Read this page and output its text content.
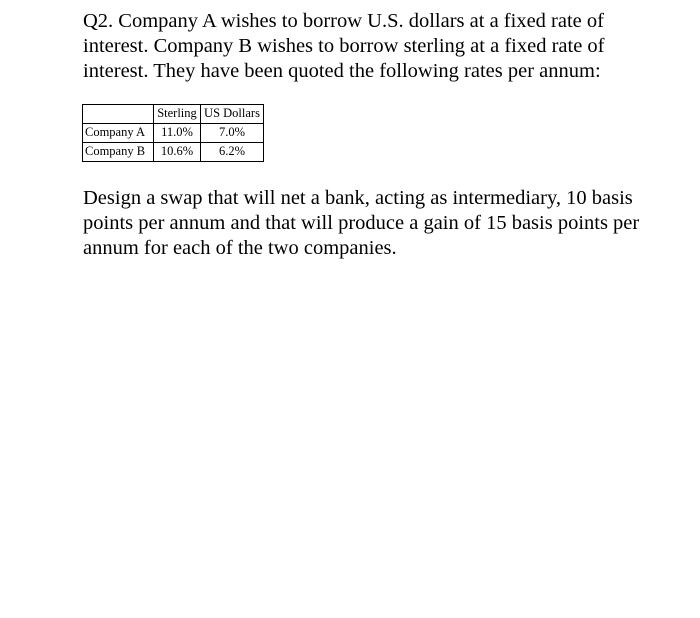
Q2. Company A wishes to borrow U.S. dollars at a fixed rate of interest. Company B wishes to borrow sterling at a fixed rate of interest. They have been quoted the following rates per annum:

	Sterling	US Dollars
Company A	11.0%	7.0%
Company B	10.6%	6.2%

Design a swap that will net a bank, acting as intermediary, 10 basis points per annum and that will produce a gain of 15 basis points per annum for each of the two companies.
